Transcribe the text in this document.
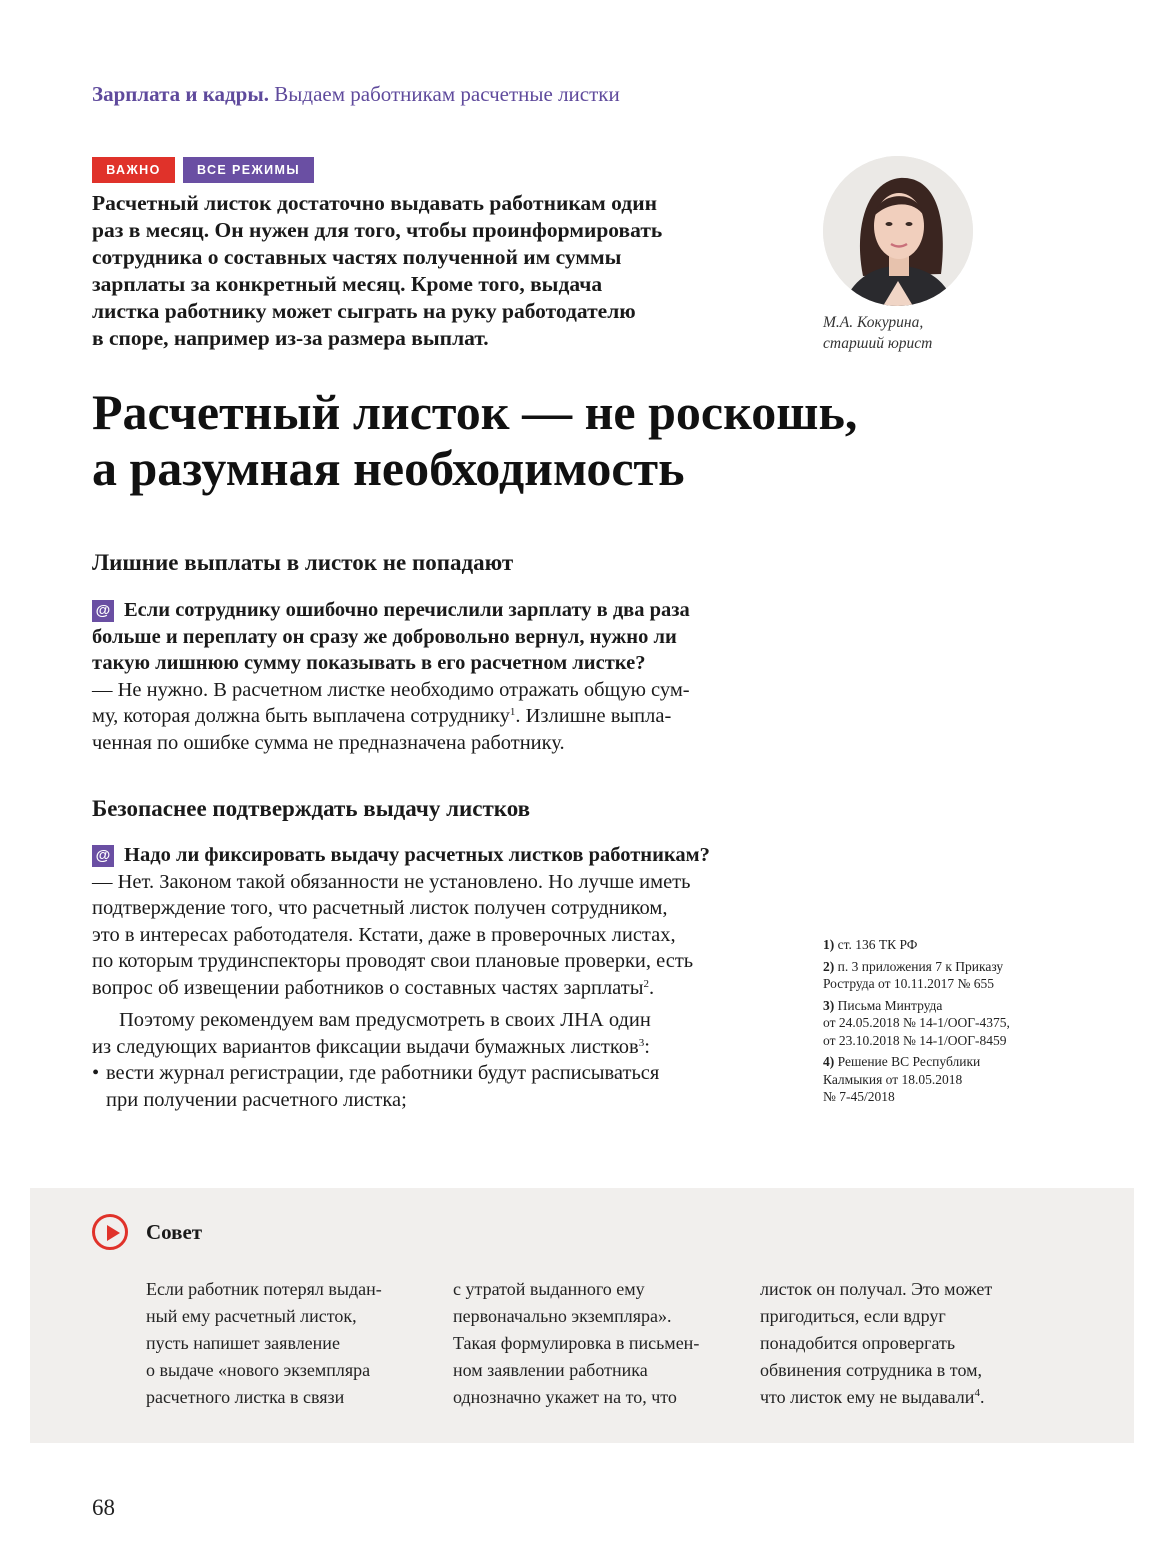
Зарплата и кадры. Выдаем работникам расчетные листки
ВАЖНО	ВСЕ РЕЖИМЫ
Расчетный листок достаточно выдавать работникам один
раз в месяц. Он нужен для того, чтобы проинформировать
сотрудника о составных частях полученной им суммы
зарплаты за конкретный месяц. Кроме того, выдача
листка работнику может сыграть на руку работодателю
в споре, например из-за размера выплат.
М.А. Кокурина,
старший юрист
Расчетный листок — не роскошь,
а разумная необходимость
Лишние выплаты в листок не попадают
@ Если сотруднику ошибочно перечислили зарплату в два раза
больше и переплату он сразу же добровольно вернул, нужно ли
такую лишнюю сумму показывать в его расчетном листке?
— Не нужно. В расчетном листке необходимо отражать общую сум-
му, которая должна быть выплачена сотруднику$^1$. Излишне выпла-
ченная по ошибке сумма не предназначена работнику.
Безопаснее подтверждать выдачу листков
@ Надо ли фиксировать выдачу расчетных листков работникам?
— Нет. Законом такой обязанности не установлено. Но лучше иметь
подтверждение того, что расчетный листок получен сотрудником,
это в интересах работодателя. Кстати, даже в проверочных листах,
по которым трудинспекторы проводят свои плановые проверки, есть
вопрос об извещении работников о составных частях зарплаты$^2$.
Поэтому рекомендуем вам предусмотреть в своих ЛНА один
из следующих вариантов фиксации выдачи бумажных листков$^3$:
• вести журнал регистрации, где работники будут расписываться
при получении расчетного листка;
1) ст. 136 ТК РФ
2) п. 3 приложения 7 к Приказу
Роструда от 10.11.2017 № 655
3) Письма Минтруда
от 24.05.2018 № 14-1/ООГ-4375,
от 23.10.2018 № 14-1/ООГ-8459
4) Решение ВС Республики
Калмыкия от 18.05.2018
№ 7-45/2018
Совет
Если работник потерял выдан-
ный ему расчетный листок,
пусть напишет заявление
о выдаче «нового экземпляра
расчетного листка в связи
с утратой выданного ему
первоначально экземпляра».
Такая формулировка в письмен-
ном заявлении работника
однозначно укажет на то, что
листок он получал. Это может
пригодиться, если вдруг
понадобится опровергать
обвинения сотрудника в том,
что листок ему не выдавали$^4$.
68
